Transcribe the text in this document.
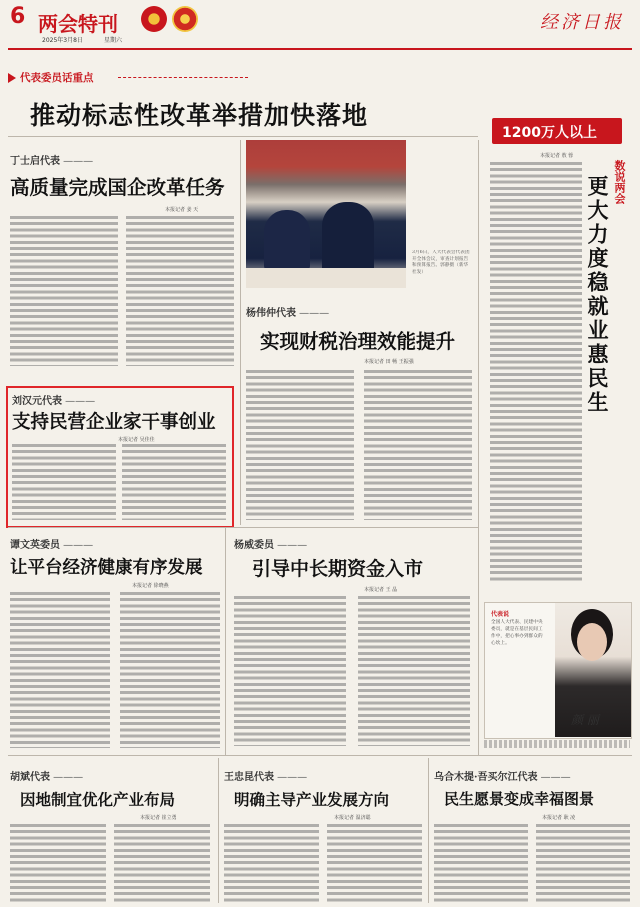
6 两会特刊
2025年3月8日	星期六
经济日报
代表委员话重点
推动标志性改革举措加快落地
1200万人以上
数说两会
更大力度稳就业惠民生
本报记者 敖 蓉
代表说
全国人大代表、民建中央委员，就是在基层民间工作中，把心事办到群众的心坎上。
颜 丽
丁士启代表 ———
高质量完成国企改革任务
本报记者 姜 天
刘汉元代表 ———
支持民营企业家干事创业
本报记者 吴佳佳
3月6日，人大代表会代表团开全体会议，审查计划报告和预算报告。郭静摄（新华社发）
杨伟仲代表 ———
实现财税治理效能提升
本报记者 田 畅 王振强
谭文英委员 ———
让平台经济健康有序发展
本报记者 徐晓燕
杨威委员 ———
引导中长期资金入市
本报记者 王 晶
胡斌代表 ———
因地制宜优化产业布局
本报记者 崔立勇
王忠昆代表 ———
明确主导产业发展方向
本报记者 温济聪
乌合木提·吾买尔江代表 ———
民生愿景变成幸福图景
本报记者 耿 凌
